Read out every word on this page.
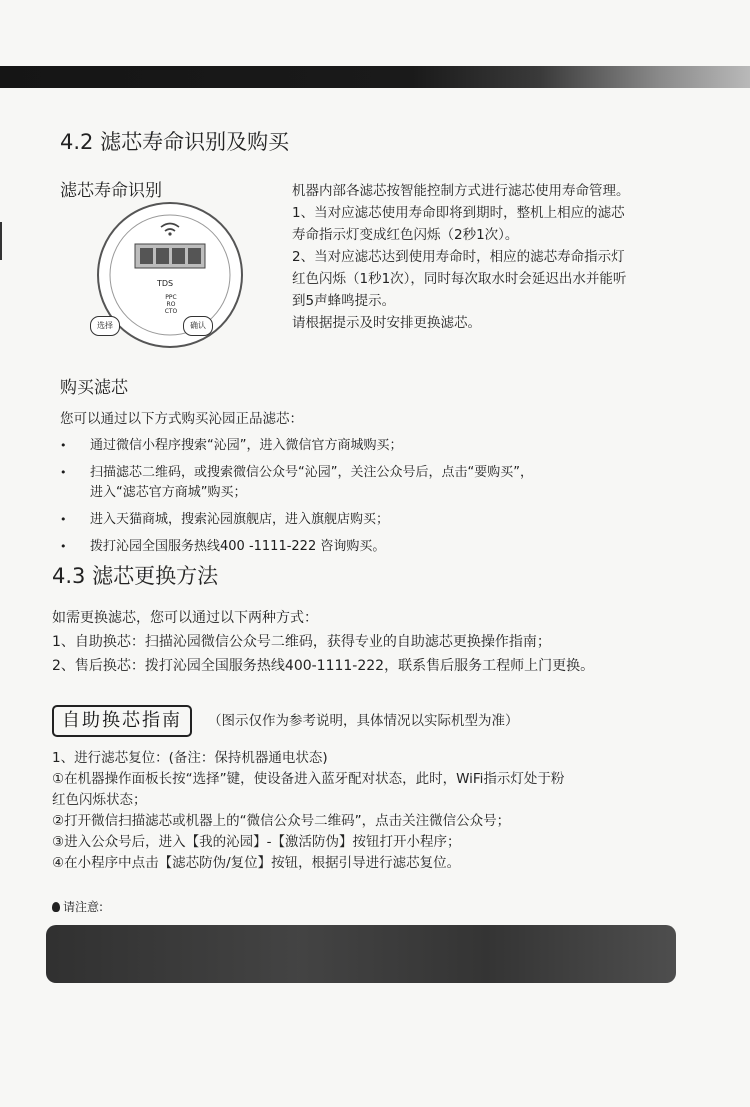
4.2 滤芯寿命识别及购买
滤芯寿命识别
TDS
PPC
RO
CTO
选择	确认
机器内部各滤芯按智能控制方式进行滤芯使用寿命管理。
1、当对应滤芯使用寿命即将到期时，整机上相应的滤芯
寿命指示灯变成红色闪烁（2秒1次）。
2、当对应滤芯达到使用寿命时，相应的滤芯寿命指示灯
红色闪烁（1秒1次），同时每次取水时会延迟出水并能听
到5声蜂鸣提示。
请根据提示及时安排更换滤芯。
购买滤芯
您可以通过以下方式购买沁园正品滤芯：
• 通过微信小程序搜索“沁园”，进入微信官方商城购买；
• 扫描滤芯二维码，或搜索微信公众号“沁园”，关注公众号后，点击“要购买”，
进入“滤芯官方商城”购买；
• 进入天猫商城，搜索沁园旗舰店，进入旗舰店购买；
• 拨打沁园全国服务热线400 -1111-222 咨询购买。
4.3 滤芯更换方法
如需更换滤芯，您可以通过以下两种方式：
1、自助换芯：扫描沁园微信公众号二维码，获得专业的自助滤芯更换操作指南；
2、售后换芯：拨打沁园全国服务热线400-1111-222，联系售后服务工程师上门更换。
自助换芯指南	（图示仅作为参考说明，具体情况以实际机型为准）
1、进行滤芯复位：(备注：保持机器通电状态)
①在机器操作面板长按“选择”键，使设备进入蓝牙配对状态，此时，WiFi指示灯处于粉
红色闪烁状态；
②打开微信扫描滤芯或机器上的“微信公众号二维码”，点击关注微信公众号；
③进入公众号后，进入【我的沁园】-【激活防伪】按钮打开小程序；
④在小程序中点击【滤芯防伪/复位】按钮，根据引导进行滤芯复位。
请注意:
